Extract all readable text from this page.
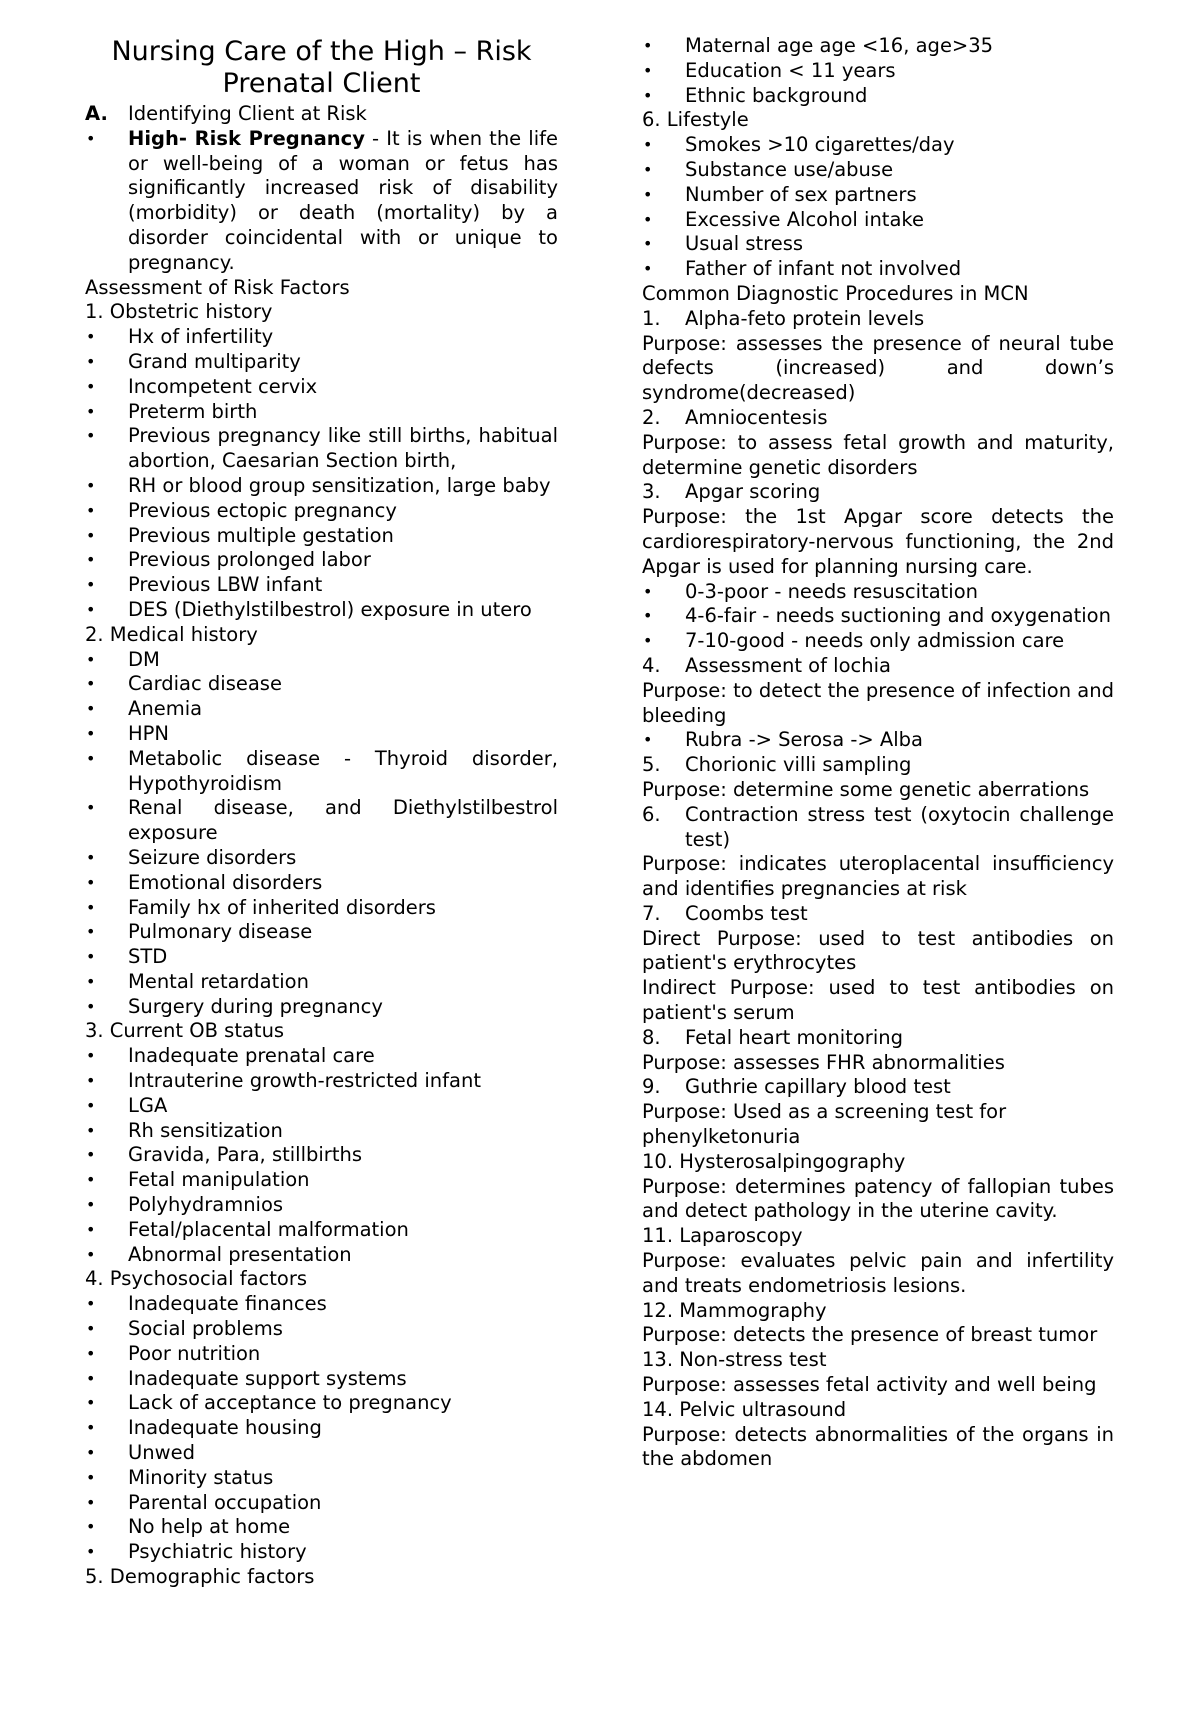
Nursing Care of the High – Risk Prenatal Client
A.	Identifying Client at Risk
• High- Risk Pregnancy - It is when the life or well-being of a woman or fetus has significantly increased risk of disability (morbidity) or death (mortality) by a disorder coincidental with or unique to pregnancy.

Assessment of Risk Factors

1. Obstetric history

• Hx of infertility
• Grand multiparity
• Incompetent cervix
• Preterm birth
• Previous pregnancy like still births, habitual abortion, Caesarian Section birth,
• RH or blood group sensitization, large baby
• Previous ectopic pregnancy
• Previous multiple gestation
• Previous prolonged labor
• Previous LBW infant
• DES (Diethylstilbestrol) exposure in utero

2. Medical history

• DM
• Cardiac disease
• Anemia
• HPN
• Metabolic disease - Thyroid disorder, Hypothyroidism
• Renal disease, and Diethylstilbestrol exposure
• Seizure disorders
• Emotional disorders
• Family hx of inherited disorders
• Pulmonary disease
• STD
• Mental retardation
• Surgery during pregnancy

3. Current OB status

• Inadequate prenatal care
• Intrauterine growth-restricted infant
• LGA
• Rh sensitization
• Gravida, Para, stillbirths
• Fetal manipulation
• Polyhydramnios
• Fetal/placental malformation
• Abnormal presentation

4. Psychosocial factors

• Inadequate finances
• Social problems
• Poor nutrition
• Inadequate support systems
• Lack of acceptance to pregnancy
• Inadequate housing
• Unwed
• Minority status
• Parental occupation
• No help at home
• Psychiatric history

5. Demographic factors

• Maternal age age <16, age>35
• Education < 11 years
• Ethnic background

6. Lifestyle

• Smokes >10 cigarettes/day
• Substance use/abuse
• Number of sex partners
• Excessive Alcohol intake
• Usual stress
• Father of infant not involved

Common Diagnostic Procedures in MCN

1.	Alpha-feto protein levels

Purpose: assesses the presence of neural tube defects (increased) and down’s syndrome(decreased)

2.	Amniocentesis

Purpose: to assess fetal growth and maturity, determine genetic disorders

3.	Apgar scoring

Purpose: the 1st Apgar score detects the cardiorespiratory-nervous functioning, the 2nd Apgar is used for planning nursing care.

• 0-3-poor - needs resuscitation
• 4-6-fair - needs suctioning and oxygenation
• 7-10-good - needs only admission care
4.	Assessment of lochia

Purpose: to detect the presence of infection and bleeding

• Rubra -> Serosa -> Alba
5.	Chorionic villi sampling

Purpose: determine some genetic aberrations

6.	Contraction stress test (oxytocin challenge test)

Purpose: indicates uteroplacental insufficiency and identifies pregnancies at risk

7.	Coombs test

Direct Purpose: used to test antibodies on patient's erythrocytes

Indirect Purpose: used to test antibodies on patient's serum

8.	Fetal heart monitoring

Purpose: assesses FHR abnormalities

9.	Guthrie capillary blood test

Purpose: Used as a screening test for phenylketonuria

10. Hysterosalpingography

Purpose: determines patency of fallopian tubes and detect pathology in the uterine cavity.

11. Laparoscopy

Purpose: evaluates pelvic pain and infertility and treats endometriosis lesions.

12. Mammography

Purpose: detects the presence of breast tumor

13. Non-stress test

Purpose: assesses fetal activity and well being

14. Pelvic ultrasound

Purpose: detects abnormalities of the organs in the abdomen
